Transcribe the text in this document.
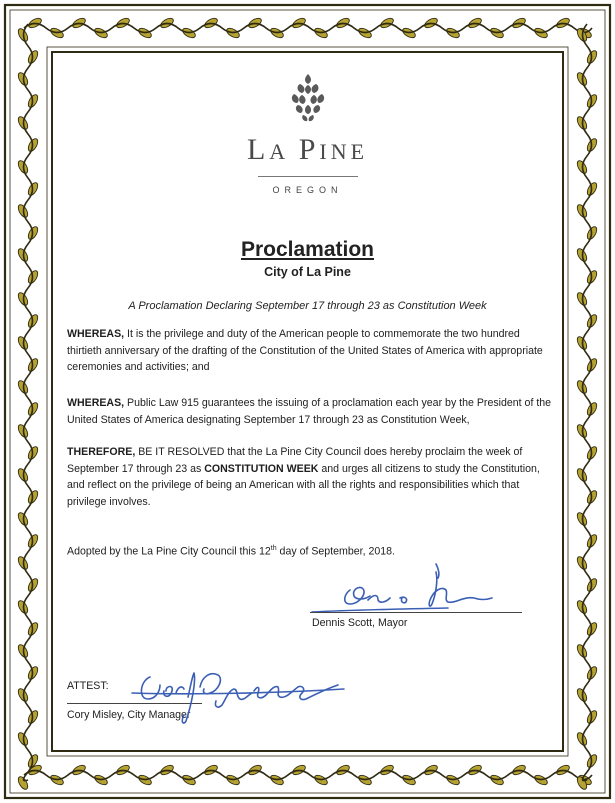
LA PINE
OREGON
Proclamation
City of La Pine
A Proclamation Declaring September 17 through 23 as Constitution Week
WHEREAS, It is the privilege and duty of the American people to commemorate the two hundred thirtieth anniversary of the drafting of the Constitution of the United States of America with appropriate ceremonies and activities; and
WHEREAS, Public Law 915 guarantees the issuing of a proclamation each year by the President of the United States of America designating September 17 through 23 as Constitution Week,
THEREFORE, BE IT RESOLVED that the La Pine City Council does hereby proclaim the week of September 17 through 23 as CONSTITUTION WEEK and urges all citizens to study the Constitution, and reflect on the privilege of being an American with all the rights and responsibilities which that privilege involves.
Adopted by the La Pine City Council this 12th day of September, 2018.
Dennis Scott, Mayor
ATTEST:
Cory Misley, City Manager
